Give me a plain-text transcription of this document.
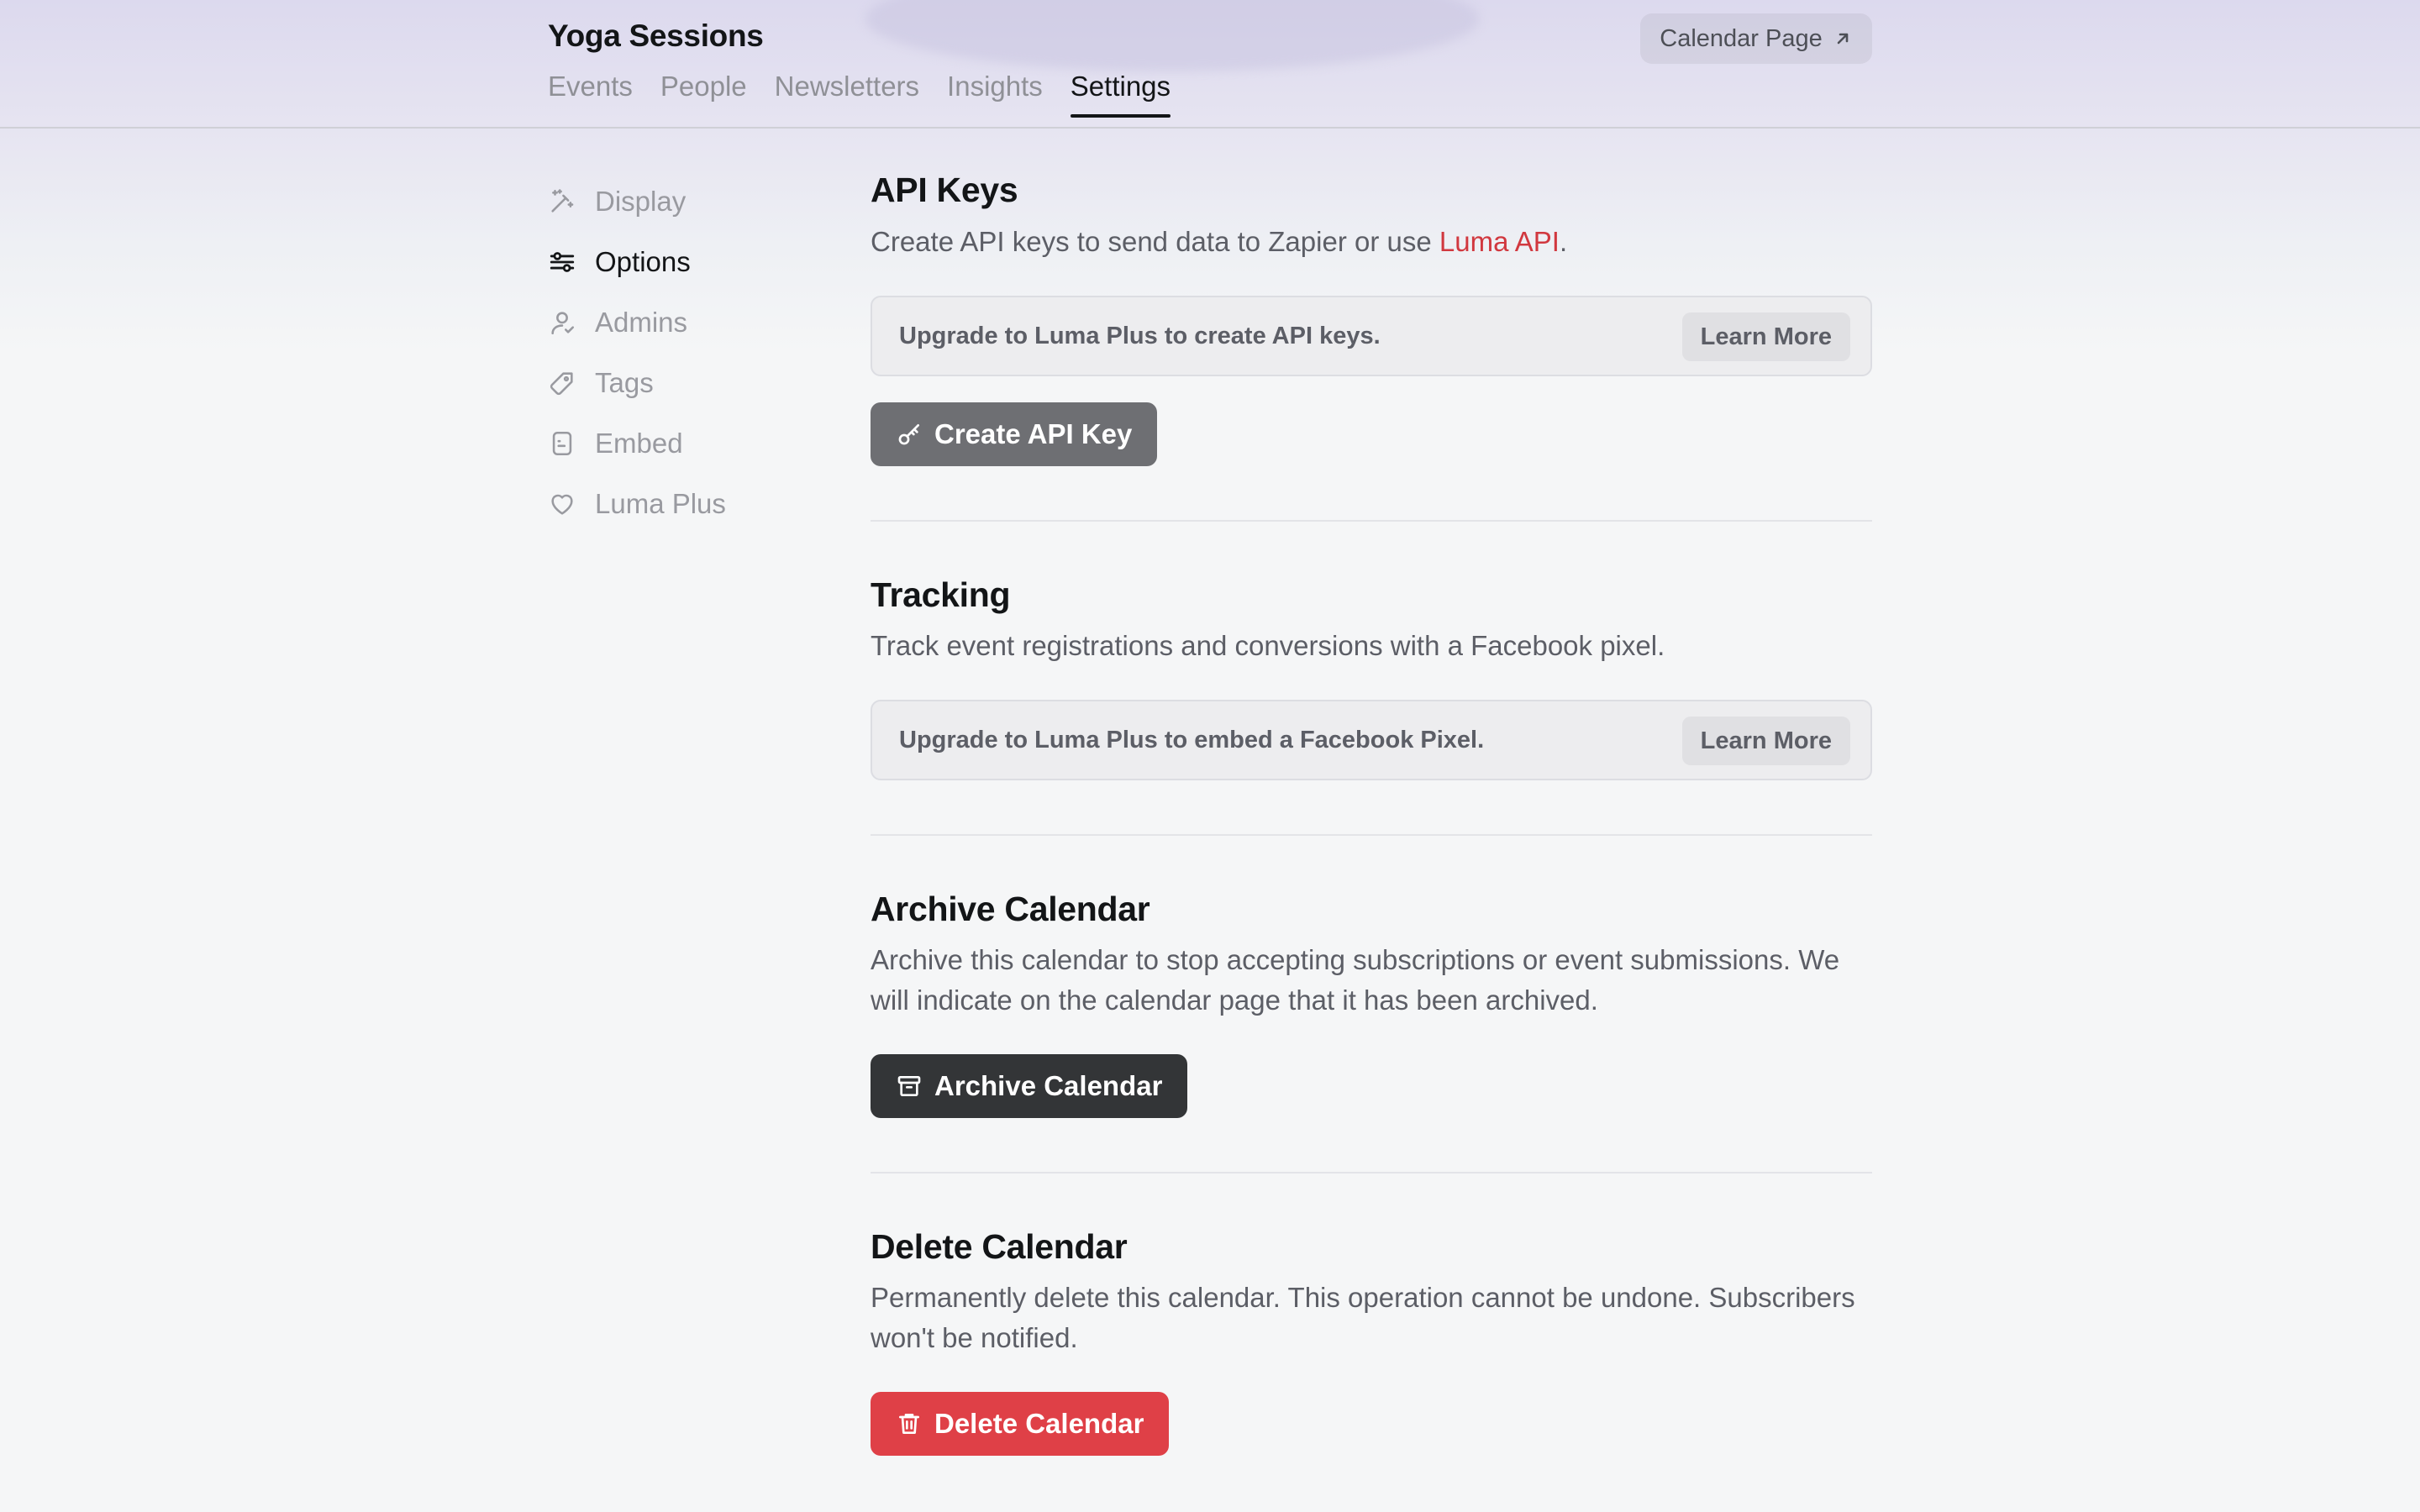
Yoga Sessions	Calendar Page
Events People Newsletters Insights Settings
Display
Options
Admins
Tags
Embed
Luma Plus
API Keys
Create API keys to send data to Zapier or use Luma API.
Upgrade to Luma Plus to create API keys.	Learn More
Create API Key
Tracking
Track event registrations and conversions with a Facebook pixel.
Upgrade to Luma Plus to embed a Facebook Pixel.	Learn More
Archive Calendar
Archive this calendar to stop accepting subscriptions or event submissions. We will indicate on the calendar page that it has been archived.
Archive Calendar
Delete Calendar
Permanently delete this calendar. This operation cannot be undone. Subscribers won't be notified.
Delete Calendar
